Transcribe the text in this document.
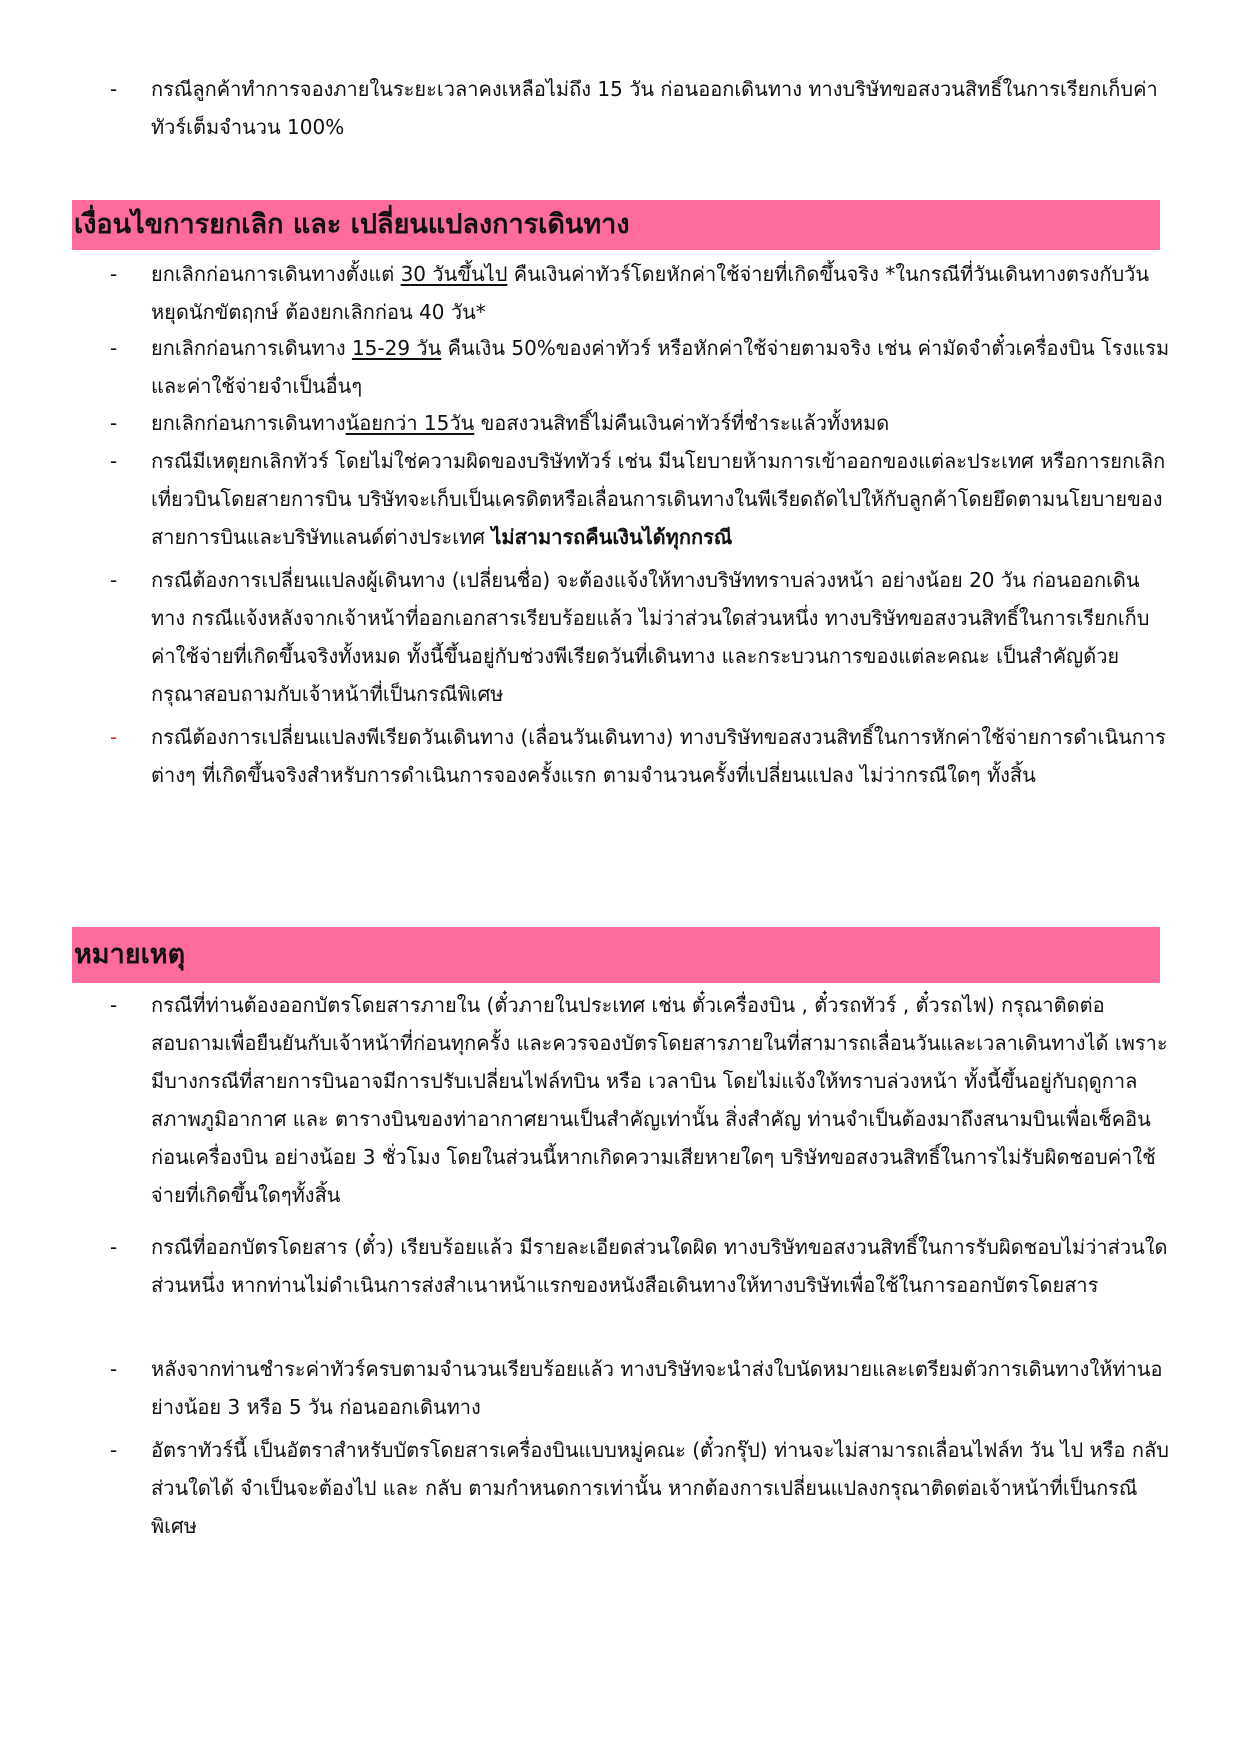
-	กรณีลูกค้าทำการจองภายในระยะเวลาคงเหลือไม่ถึง 15 วัน ก่อนออกเดินทาง ทางบริษัทขอสงวนสิทธิ์ในการเรียกเก็บค่าทัวร์เต็มจำนวน 100%
เงื่อนไขการยกเลิก และ เปลี่ยนแปลงการเดินทาง
-	ยกเลิกก่อนการเดินทางตั้งแต่ 30 วันขึ้นไป คืนเงินค่าทัวร์โดยหักค่าใช้จ่ายที่เกิดขึ้นจริง *ในกรณีที่วันเดินทางตรงกับวันหยุดนักขัตฤกษ์ ต้องยกเลิกก่อน 40 วัน*
-	ยกเลิกก่อนการเดินทาง 15-29 วัน คืนเงิน 50%ของค่าทัวร์ หรือหักค่าใช้จ่ายตามจริง เช่น ค่ามัดจำตั๋วเครื่องบิน โรงแรม และค่าใช้จ่ายจำเป็นอื่นๆ
-	ยกเลิกก่อนการเดินทางน้อยกว่า 15วัน ขอสงวนสิทธิ์ไม่คืนเงินค่าทัวร์ที่ชำระแล้วทั้งหมด
-	กรณีมีเหตุยกเลิกทัวร์ โดยไม่ใช่ความผิดของบริษัททัวร์ เช่น มีนโยบายห้ามการเข้าออกของแต่ละประเทศ หรือการยกเลิกเที่ยวบินโดยสายการบิน บริษัทจะเก็บเป็นเครดิตหรือเลื่อนการเดินทางในพีเรียดถัดไปให้กับลูกค้าโดยยึดตามนโยบายของสายการบินและบริษัทแลนด์ต่างประเทศ ไม่สามารถคืนเงินได้ทุกกรณี
-	กรณีต้องการเปลี่ยนแปลงผู้เดินทาง (เปลี่ยนชื่อ) จะต้องแจ้งให้ทางบริษัททราบล่วงหน้า อย่างน้อย 20 วัน ก่อนออกเดินทาง กรณีแจ้งหลังจากเจ้าหน้าที่ออกเอกสารเรียบร้อยแล้ว ไม่ว่าส่วนใดส่วนหนึ่ง ทางบริษัทขอสงวนสิทธิ์ในการเรียกเก็บค่าใช้จ่ายที่เกิดขึ้นจริงทั้งหมด ทั้งนี้ขึ้นอยู่กับช่วงพีเรียดวันที่เดินทาง และกระบวนการของแต่ละคณะ เป็นสำคัญด้วย กรุณาสอบถามกับเจ้าหน้าที่เป็นกรณีพิเศษ
-	กรณีต้องการเปลี่ยนแปลงพีเรียดวันเดินทาง (เลื่อนวันเดินทาง) ทางบริษัทขอสงวนสิทธิ์ในการหักค่าใช้จ่ายการดำเนินการต่างๆ ที่เกิดขึ้นจริงสำหรับการดำเนินการจองครั้งแรก ตามจำนวนครั้งที่เปลี่ยนแปลง ไม่ว่ากรณีใดๆ ทั้งสิ้น
หมายเหตุ
-	กรณีที่ท่านต้องออกบัตรโดยสารภายใน (ตั๋วภายในประเทศ เช่น ตั๋วเครื่องบิน , ตั๋วรถทัวร์ , ตั๋วรถไฟ) กรุณาติดต่อสอบถามเพื่อยืนยันกับเจ้าหน้าที่ก่อนทุกครั้ง และควรจองบัตรโดยสารภายในที่สามารถเลื่อนวันและเวลาเดินทางได้ เพราะมีบางกรณีที่สายการบินอาจมีการปรับเปลี่ยนไฟล์ทบิน หรือ เวลาบิน โดยไม่แจ้งให้ทราบล่วงหน้า ทั้งนี้ขึ้นอยู่กับฤดูกาล สภาพภูมิอากาศ และ ตารางบินของท่าอากาศยานเป็นสำคัญเท่านั้น สิ่งสำคัญ ท่านจำเป็นต้องมาถึงสนามบินเพื่อเช็คอินก่อนเครื่องบิน อย่างน้อย 3 ชั่วโมง โดยในส่วนนี้หากเกิดความเสียหายใดๆ บริษัทขอสงวนสิทธิ์ในการไม่รับผิดชอบค่าใช้จ่ายที่เกิดขึ้นใดๆทั้งสิ้น
-	กรณีที่ออกบัตรโดยสาร (ตั๋ว) เรียบร้อยแล้ว มีรายละเอียดส่วนใดผิด ทางบริษัทขอสงวนสิทธิ์ในการรับผิดชอบไม่ว่าส่วนใดส่วนหนึ่ง หากท่านไม่ดำเนินการส่งสำเนาหน้าแรกของหนังสือเดินทางให้ทางบริษัทเพื่อใช้ในการออกบัตรโดยสาร
-	หลังจากท่านชำระค่าทัวร์ครบตามจำนวนเรียบร้อยแล้ว ทางบริษัทจะนำส่งใบนัดหมายและเตรียมตัวการเดินทางให้ท่านอย่างน้อย 3 หรือ 5 วัน ก่อนออกเดินทาง
-	อัตราทัวร์นี้ เป็นอัตราสำหรับบัตรโดยสารเครื่องบินแบบหมู่คณะ (ตั๋วกรุ๊ป) ท่านจะไม่สามารถเลื่อนไฟล์ท วัน ไป หรือ กลับส่วนใดได้ จำเป็นจะต้องไป และ กลับ ตามกำหนดการเท่านั้น หากต้องการเปลี่ยนแปลงกรุณาติดต่อเจ้าหน้าที่เป็นกรณีพิเศษ
